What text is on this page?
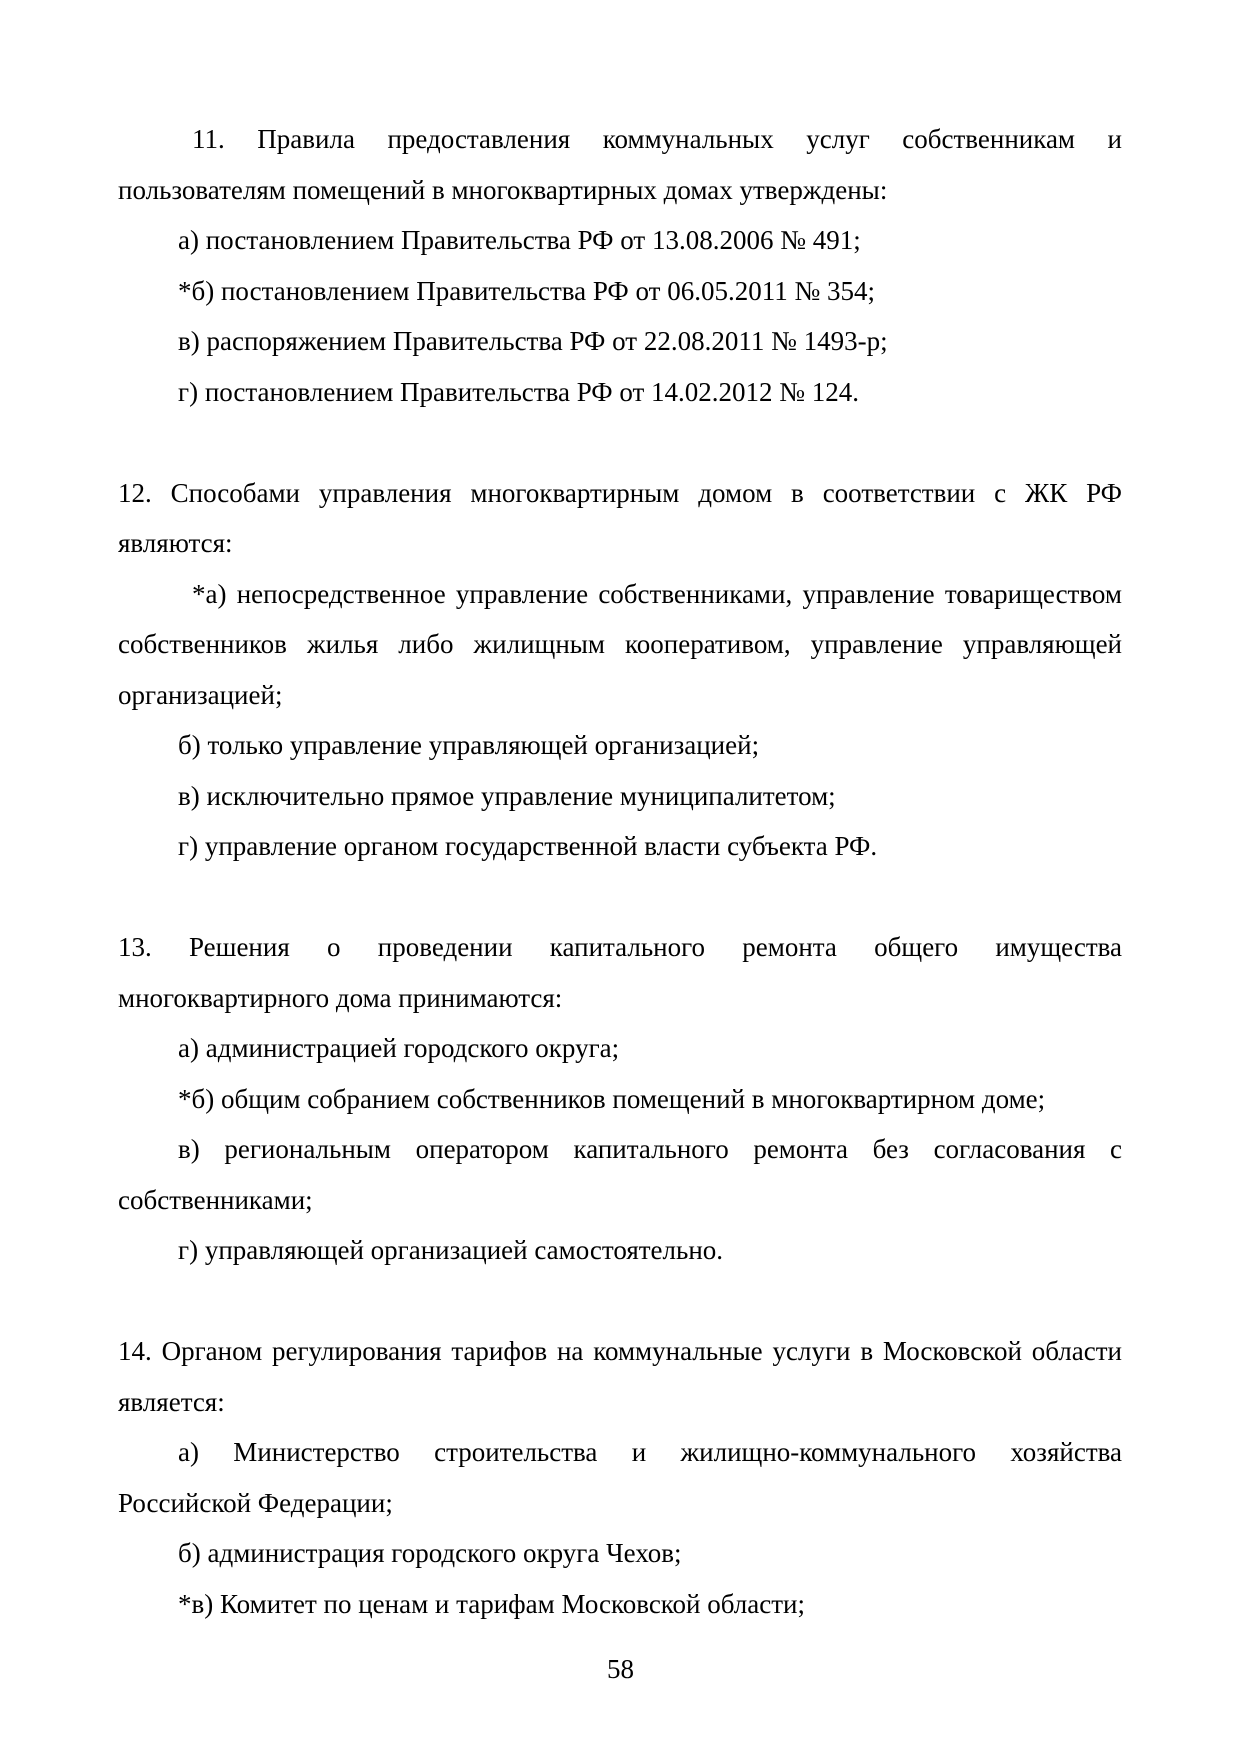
11. Правила предоставления коммунальных услуг собственникам и пользователям помещений в многоквартирных домах утверждены:

а) постановлением Правительства РФ от 13.08.2006 № 491;

*б) постановлением Правительства РФ от 06.05.2011 № 354;

в) распоряжением Правительства РФ от 22.08.2011 № 1493-р;

г) постановлением Правительства РФ от 14.02.2012 № 124.

12. Способами управления многоквартирным домом в соответствии с ЖК РФ являются:

*а) непосредственное управление собственниками, управление товариществом собственников жилья либо жилищным кооперативом, управление управляющей организацией;

б) только управление управляющей организацией;

в) исключительно прямое управление муниципалитетом;

г) управление органом государственной власти субъекта РФ.

13. Решения о проведении капитального ремонта общего имущества многоквартирного дома принимаются:

а) администрацией городского округа;

*б) общим собранием собственников помещений в многоквартирном доме;

в) региональным оператором капитального ремонта без согласования с собственниками;

г) управляющей организацией самостоятельно.

14. Органом регулирования тарифов на коммунальные услуги в Московской области является:

а) Министерство строительства и жилищно-коммунального хозяйства Российской Федерации;

б) администрация городского округа Чехов;

*в) Комитет по ценам и тарифам Московской области;

58
